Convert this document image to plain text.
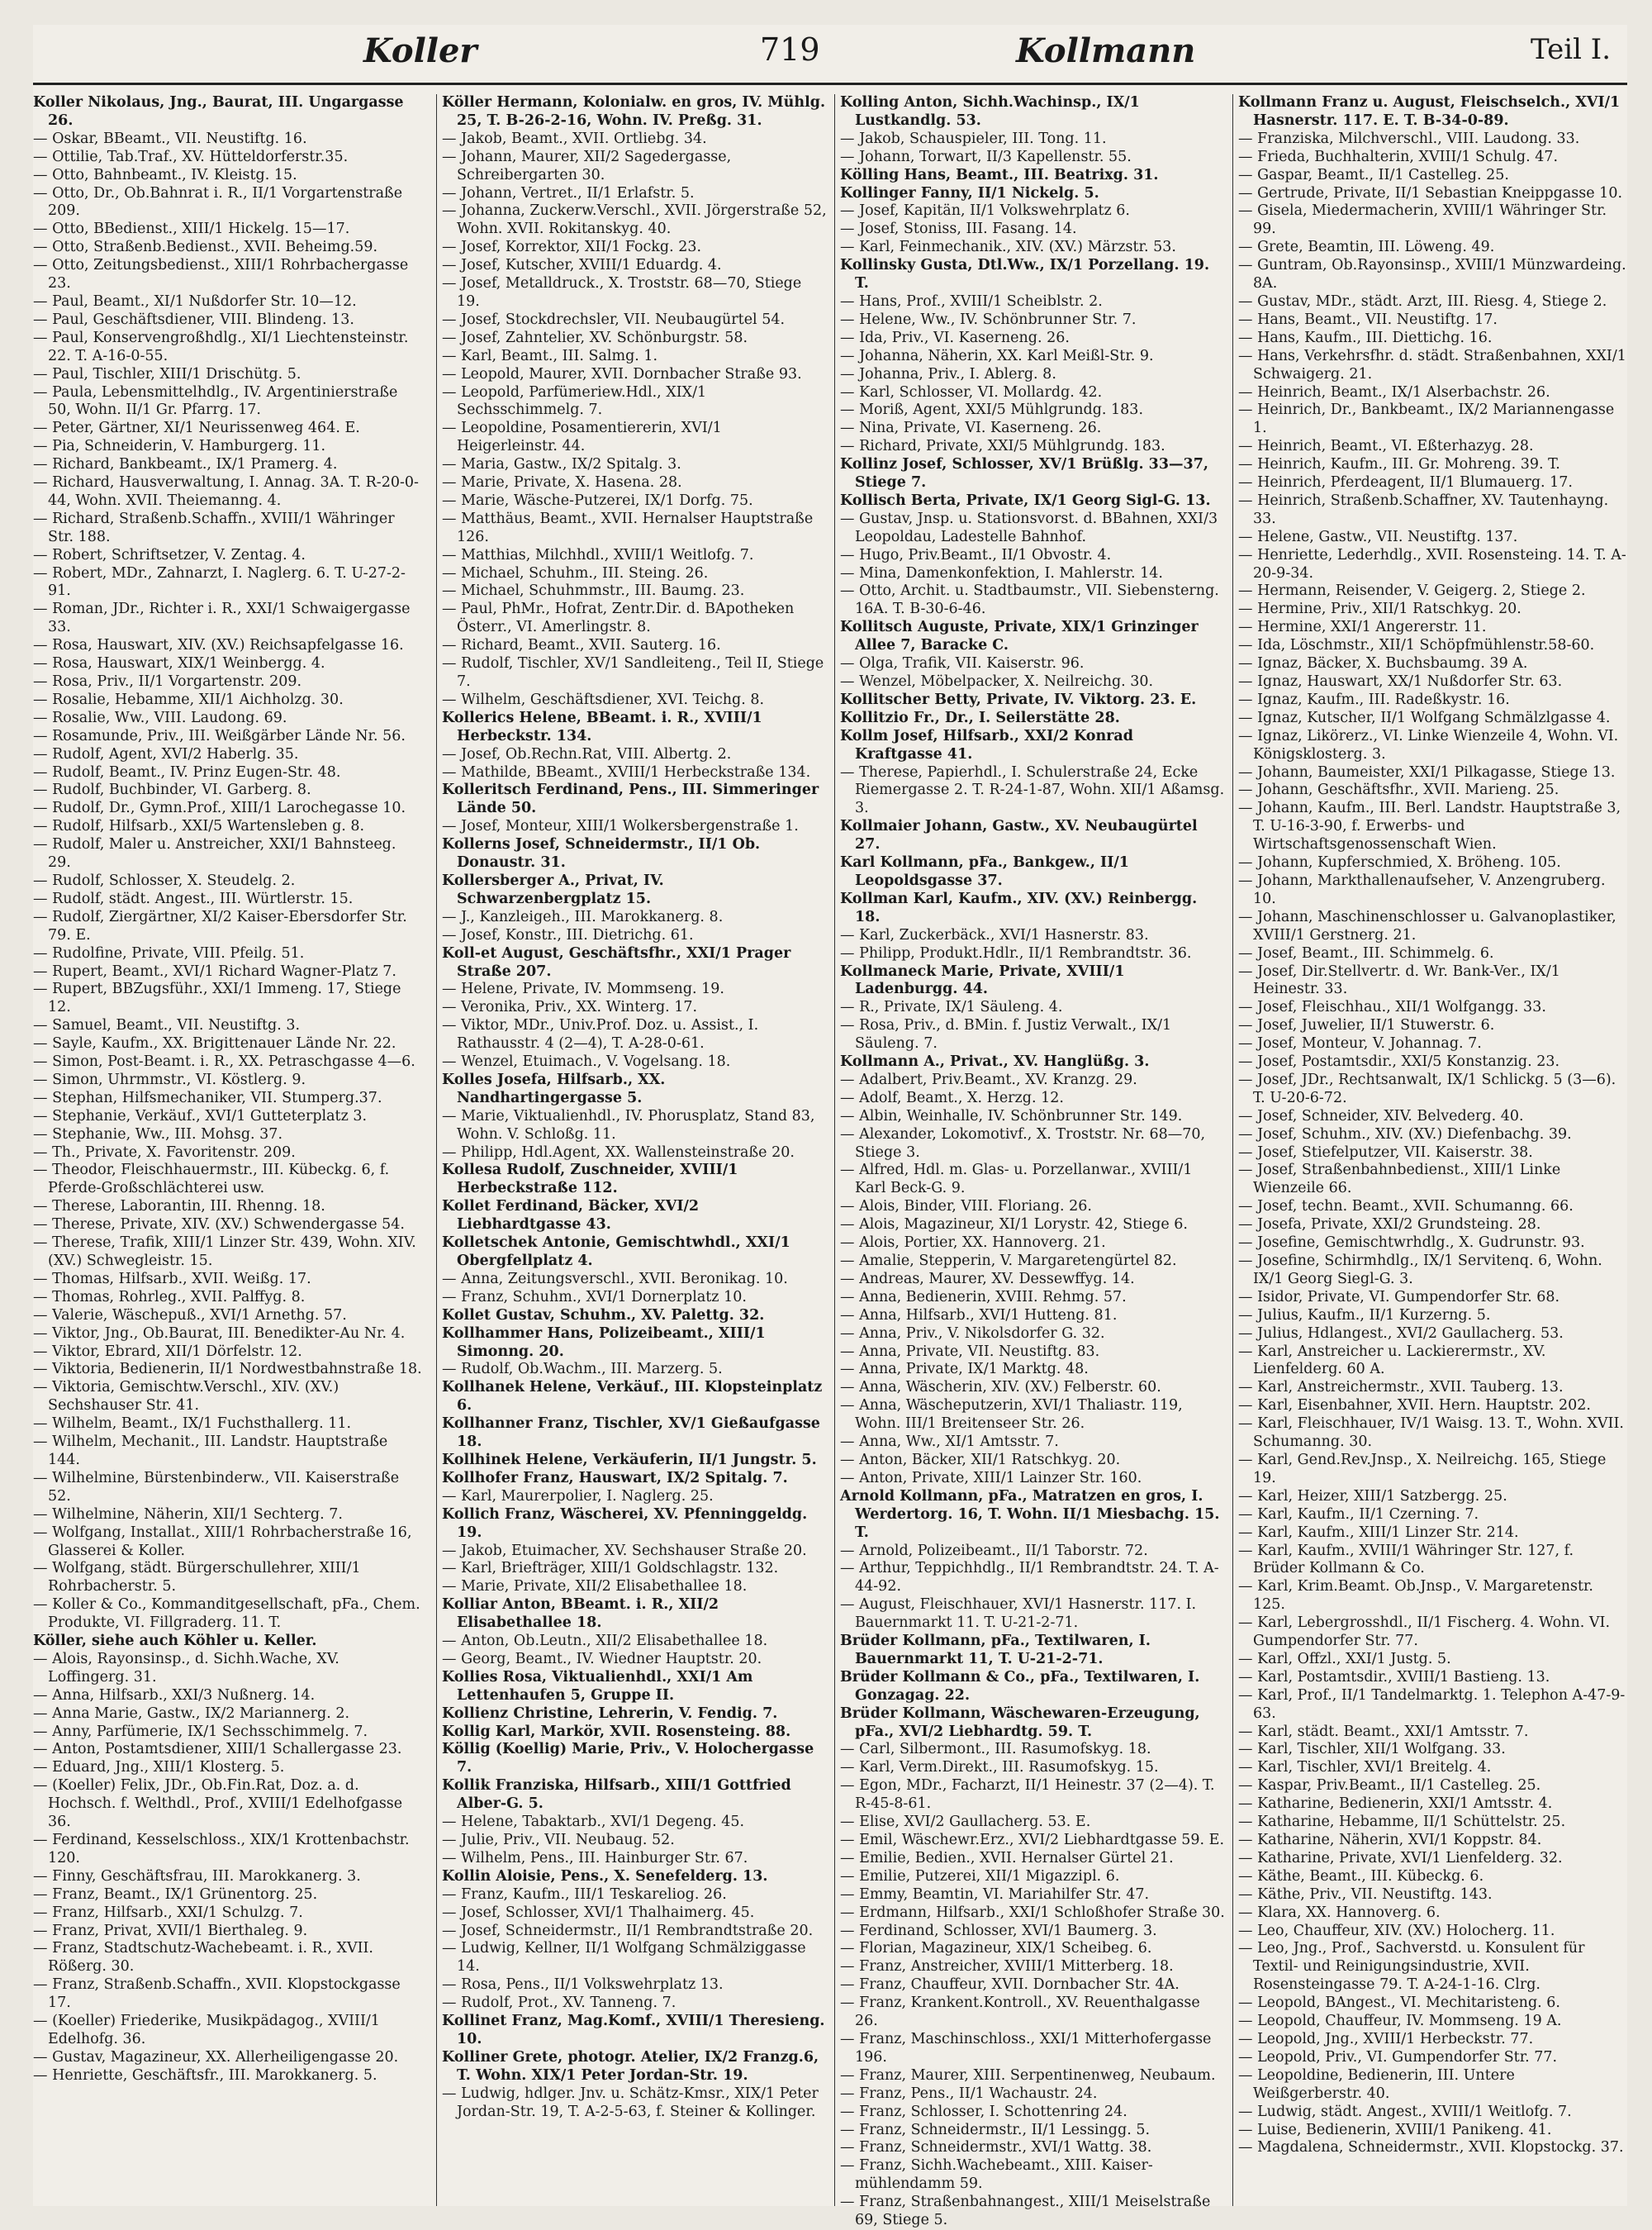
Koller	719	Kollmann	Teil I.

Koller Nikolaus, Jng., Baurat, III. Ungargasse 26.

— Oskar, BBeamt., VII. Neustiftg. 16.

— Ottilie, Tab.Traf., XV. Hütteldorferstr.35.

— Otto, Bahnbeamt., IV. Kleistg. 15.

— Otto, Dr., Ob.Bahnrat i. R., II/1 Vorgartenstraße 209.

— Otto, BBedienst., XIII/1 Hickelg. 15—17.

— Otto, Straßenb.Bedienst., XVII. Beheimg.59.

— Otto, Zeitungsbedienst., XIII/1 Rohrbachergasse 23.

— Paul, Beamt., XI/1 Nußdorfer Str. 10—12.

— Paul, Geschäftsdiener, VIII. Blindeng. 13.

— Paul, Konservengroßhdlg., XI/1 Liechtensteinstr. 22. T. A-16-0-55.

— Paul, Tischler, XIII/1 Drischütg. 5.

— Paula, Lebensmittelhdlg., IV. Argentinierstraße 50, Wohn. II/1 Gr. Pfarrg. 17.

— Peter, Gärtner, XI/1 Neurissenweg 464. E.

— Pia, Schneiderin, V. Hamburgerg. 11.

— Richard, Bankbeamt., IX/1 Pramerg. 4.

— Richard, Hausverwaltung, I. Annag. 3A. T. R-20-0-44, Wohn. XVII. Theiemanng. 4.

— Richard, Straßenb.Schaffn., XVIII/1 Währinger Str. 188.

— Robert, Schriftsetzer, V. Zentag. 4.

— Robert, MDr., Zahnarzt, I. Naglerg. 6. T. U-27-2-91.

— Roman, JDr., Richter i. R., XXI/1 Schwaigergasse 33.

— Rosa, Hauswart, XIV. (XV.) Reichsapfelgasse 16.

— Rosa, Hauswart, XIX/1 Weinbergg. 4.

— Rosa, Priv., II/1 Vorgartenstr. 209.

— Rosalie, Hebamme, XII/1 Aichholzg. 30.

— Rosalie, Ww., VIII. Laudong. 69.

— Rosamunde, Priv., III. Weißgärber Lände Nr. 56.

— Rudolf, Agent, XVI/2 Haberlg. 35.

— Rudolf, Beamt., IV. Prinz Eugen-Str. 48.

— Rudolf, Buchbinder, VI. Garberg. 8.

— Rudolf, Dr., Gymn.Prof., XIII/1 Larochegasse 10.

— Rudolf, Hilfsarb., XXI/5 Wartensleben g. 8.

— Rudolf, Maler u. Anstreicher, XXI/1 Bahnsteeg. 29.

— Rudolf, Schlosser, X. Steudelg. 2.

— Rudolf, städt. Angest., III. Würtlerstr. 15.

— Rudolf, Ziergärtner, XI/2 Kaiser-Ebersdorfer Str. 79. E.

— Rudolfine, Private, VIII. Pfeilg. 51.

— Rupert, Beamt., XVI/1 Richard Wagner-Platz 7.

— Rupert, BBZugsführ., XXI/1 Immeng. 17, Stiege 12.

— Samuel, Beamt., VII. Neustiftg. 3.

— Sayle, Kaufm., XX. Brigittenauer Lände Nr. 22.

— Simon, Post-Beamt. i. R., XX. Petraschgasse 4—6.

— Simon, Uhrmmstr., VI. Köstlerg. 9.

— Stephan, Hilfsmechaniker, VII. Stumperg.37.

— Stephanie, Verkäuf., XVI/1 Gutteterplatz 3.

— Stephanie, Ww., III. Mohsg. 37.

— Th., Private, X. Favoritenstr. 209.

— Theodor, Fleischhauermstr., III. Kübeckg. 6, f. Pferde-Großschlächterei usw.

— Therese, Laborantin, III. Rhenng. 18.

— Therese, Private, XIV. (XV.) Schwendergasse 54.

— Therese, Trafik, XIII/1 Linzer Str. 439, Wohn. XIV. (XV.) Schwegleistr. 15.

— Thomas, Hilfsarb., XVII. Weißg. 17.

— Thomas, Rohrleg., XVII. Palffyg. 8.

— Valerie, Wäschepuß., XVI/1 Arnethg. 57.

— Viktor, Jng., Ob.Baurat, III. Benedikter-Au Nr. 4.

— Viktor, Ebrard, XII/1 Dörfelstr. 12.

— Viktoria, Bedienerin, II/1 Nordwestbahnstraße 18.

— Viktoria, Gemischtw.Verschl., XIV. (XV.) Sechshauser Str. 41.

— Wilhelm, Beamt., IX/1 Fuchsthallerg. 11.

— Wilhelm, Mechanit., III. Landstr. Hauptstraße 144.

— Wilhelmine, Bürstenbinderw., VII. Kaiserstraße 52.

— Wilhelmine, Näherin, XII/1 Sechterg. 7.

— Wolfgang, Installat., XIII/1 Rohrbacherstraße 16, Glasserei & Koller.

— Wolfgang, städt. Bürgerschullehrer, XIII/1 Rohrbacherstr. 5.

— Koller & Co., Kommanditgesellschaft, pFa., Chem. Produkte, VI. Fillgraderg. 11. T.

Köller, siehe auch Köhler u. Keller.

— Alois, Rayonsinsp., d. Sichh.Wache, XV. Loffingerg. 31.

— Anna, Hilfsarb., XXI/3 Nußnerg. 14.

— Anna Marie, Gastw., IX/2 Mariannerg. 2.

— Anny, Parfümerie, IX/1 Sechsschimmelg. 7.

— Anton, Postamtsdiener, XIII/1 Schallergasse 23.

— Eduard, Jng., XIII/1 Klosterg. 5.

— (Koeller) Felix, JDr., Ob.Fin.Rat, Doz. a. d. Hochsch. f. Welthdl., Prof., XVIII/1 Edelhofgasse 36.

— Ferdinand, Kesselschloss., XIX/1 Krottenbachstr. 120.

— Finny, Geschäftsfrau, III. Marokkanerg. 3.

— Franz, Beamt., IX/1 Grünentorg. 25.

— Franz, Hilfsarb., XXI/1 Schulzg. 7.

— Franz, Privat, XVII/1 Bierthaleg. 9.

— Franz, Stadtschutz-Wachebeamt. i. R., XVII. Rößerg. 30.

— Franz, Straßenb.Schaffn., XVII. Klopstockgasse 17.

— (Koeller) Friederike, Musikpädagog., XVIII/1 Edelhofg. 36.

— Gustav, Magazineur, XX. Allerheiligengasse 20.

— Henriette, Geschäftsfr., III. Marokkanerg. 5.

Köller Hermann, Kolonialw. en gros, IV. Mühlg. 25, T. B-26-2-16, Wohn. IV. Preßg. 31.

— Jakob, Beamt., XVII. Ortliebg. 34.

— Johann, Maurer, XII/2 Sagedergasse, Schreibergarten 30.

— Johann, Vertret., II/1 Erlafstr. 5.

— Johanna, Zuckerw.Verschl., XVII. Jörgerstraße 52, Wohn. XVII. Rokitanskyg. 40.

— Josef, Korrektor, XII/1 Fockg. 23.

— Josef, Kutscher, XVIII/1 Eduardg. 4.

— Josef, Metalldruck., X. Troststr. 68—70, Stiege 19.

— Josef, Stockdrechsler, VII. Neubaugürtel 54.

— Josef, Zahntelier, XV. Schönburgstr. 58.

— Karl, Beamt., III. Salmg. 1.

— Leopold, Maurer, XVII. Dornbacher Straße 93.

— Leopold, Parfümeriew.Hdl., XIX/1 Sechsschimmelg. 7.

— Leopoldine, Posamentiererin, XVI/1 Heigerleinstr. 44.

— Maria, Gastw., IX/2 Spitalg. 3.

— Marie, Private, X. Hasena. 28.

— Marie, Wäsche-Putzerei, IX/1 Dorfg. 75.

— Matthäus, Beamt., XVII. Hernalser Hauptstraße 126.

— Matthias, Milchhdl., XVIII/1 Weitlofg. 7.

— Michael, Schuhm., III. Steing. 26.

— Michael, Schuhmmstr., III. Baumg. 23.

— Paul, PhMr., Hofrat, Zentr.Dir. d. BApotheken Österr., VI. Amerlingstr. 8.

— Richard, Beamt., XVII. Sauterg. 16.

— Rudolf, Tischler, XV/1 Sandleiteng., Teil II, Stiege 7.

— Wilhelm, Geschäftsdiener, XVI. Teichg. 8.

Kollerics Helene, BBeamt. i. R., XVIII/1 Herbeckstr. 134.

— Josef, Ob.Rechn.Rat, VIII. Albertg. 2.

— Mathilde, BBeamt., XVIII/1 Herbeckstraße 134.

Kolleritsch Ferdinand, Pens., III. Simmeringer Lände 50.

— Josef, Monteur, XIII/1 Wolkersbergenstraße 1.

Kollerns Josef, Schneidermstr., II/1 Ob. Donaustr. 31.

Kollersberger A., Privat, IV. Schwarzenbergplatz 15.

— J., Kanzleigeh., III. Marokkanerg. 8.

— Josef, Konstr., III. Dietrichg. 61.

Koll-et August, Geschäftsfhr., XXI/1 Prager Straße 207.

— Helene, Private, IV. Mommseng. 19.

— Veronika, Priv., XX. Winterg. 17.

— Viktor, MDr., Univ.Prof. Doz. u. Assist., I. Rathausstr. 4 (2—4), T. A-28-0-61.

— Wenzel, Etuimach., V. Vogelsang. 18.

Kolles Josefa, Hilfsarb., XX. Nandhartingergasse 5.

— Marie, Viktualienhdl., IV. Phorusplatz, Stand 83, Wohn. V. Schloßg. 11.

— Philipp, Hdl.Agent, XX. Wallensteinstraße 20.

Kollesa Rudolf, Zuschneider, XVIII/1 Herbeckstraße 112.

Kollet Ferdinand, Bäcker, XVI/2 Liebhardtgasse 43.

Kolletschek Antonie, Gemischtwhdl., XXI/1 Obergfellplatz 4.

— Anna, Zeitungsverschl., XVII. Beronikag. 10.

— Franz, Schuhm., XVI/1 Dornerplatz 10.

Kollet Gustav, Schuhm., XV. Palettg. 32.

Kollhammer Hans, Polizeibeamt., XIII/1 Simonng. 20.

— Rudolf, Ob.Wachm., III. Marzerg. 5.

Kollhanek Helene, Verkäuf., III. Klopsteinplatz 6.

Kollhanner Franz, Tischler, XV/1 Gießaufgasse 18.

Kollhinek Helene, Verkäuferin, II/1 Jungstr. 5.

Kollhofer Franz, Hauswart, IX/2 Spitalg. 7.

— Karl, Maurerpolier, I. Naglerg. 25.

Kollich Franz, Wäscherei, XV. Pfenninggeldg. 19.

— Jakob, Etuimacher, XV. Sechshauser Straße 20.

— Karl, Briefträger, XIII/1 Goldschlagstr. 132.

— Marie, Private, XII/2 Elisabethallee 18.

Kolliar Anton, BBeamt. i. R., XII/2 Elisabethallee 18.

— Anton, Ob.Leutn., XII/2 Elisabethallee 18.

— Georg, Beamt., IV. Wiedner Hauptstr. 20.

Kollies Rosa, Viktualienhdl., XXI/1 Am Lettenhaufen 5, Gruppe II.

Kollienz Christine, Lehrerin, V. Fendig. 7.

Kollig Karl, Markör, XVII. Rosensteing. 88.

Köllig (Koellig) Marie, Priv., V. Holochergasse 7.

Kollik Franziska, Hilfsarb., XIII/1 Gottfried Alber-G. 5.

— Helene, Tabaktarb., XVI/1 Degeng. 45.

— Julie, Priv., VII. Neubaug. 52.

— Wilhelm, Pens., III. Hainburger Str. 67.

Kollin Aloisie, Pens., X. Senefelderg. 13.

— Franz, Kaufm., III/1 Teskareliog. 26.

— Josef, Schlosser, XVI/1 Thalhaimerg. 45.

— Josef, Schneidermstr., II/1 Rembrandtstraße 20.

— Ludwig, Kellner, II/1 Wolfgang Schmälziggasse 14.

— Rosa, Pens., II/1 Volkswehrplatz 13.

— Rudolf, Prot., XV. Tanneng. 7.

Kollinet Franz, Mag.Komf., XVIII/1 Theresieng. 10.

Kolliner Grete, photogr. Atelier, IX/2 Franzg.6, T. Wohn. XIX/1 Peter Jordan-Str. 19.

— Ludwig, hdlger. Jnv. u. Schätz-Kmsr., XIX/1 Peter Jordan-Str. 19, T. A-2-5-63, f. Steiner & Kollinger.

Kolling Anton, Sichh.Wachinsp., IX/1 Lustkandlg. 53.

— Jakob, Schauspieler, III. Tong. 11.

— Johann, Torwart, II/3 Kapellenstr. 55.

Kölling Hans, Beamt., III. Beatrixg. 31.

Kollinger Fanny, II/1 Nickelg. 5.

— Josef, Kapitän, II/1 Volkswehrplatz 6.

— Josef, Stoniss, III. Fasang. 14.

— Karl, Feinmechanik., XIV. (XV.) Märzstr. 53.

Kollinsky Gusta, Dtl.Ww., IX/1 Porzellang. 19. T.

— Hans, Prof., XVIII/1 Scheiblstr. 2.

— Helene, Ww., IV. Schönbrunner Str. 7.

— Ida, Priv., VI. Kaserneng. 26.

— Johanna, Näherin, XX. Karl Meißl-Str. 9.

— Johanna, Priv., I. Ablerg. 8.

— Karl, Schlosser, VI. Mollardg. 42.

— Moriß, Agent, XXI/5 Mühlgrundg. 183.

— Nina, Private, VI. Kaserneng. 26.

— Richard, Private, XXI/5 Mühlgrundg. 183.

Kollinz Josef, Schlosser, XV/1 Brüßlg. 33—37, Stiege 7.

Kollisch Berta, Private, IX/1 Georg Sigl-G. 13.

— Gustav, Jnsp. u. Stationsvorst. d. BBahnen, XXI/3 Leopoldau, Ladestelle Bahnhof.

— Hugo, Priv.Beamt., II/1 Obvostr. 4.

— Mina, Damenkonfektion, I. Mahlerstr. 14.

— Otto, Archit. u. Stadtbaumstr., VII. Siebensterng. 16A. T. B-30-6-46.

Kollitsch Auguste, Private, XIX/1 Grinzinger Allee 7, Baracke C.

— Olga, Trafik, VII. Kaiserstr. 96.

— Wenzel, Möbelpacker, X. Neilreichg. 30.

Kollitscher Betty, Private, IV. Viktorg. 23. E.

Kollitzio Fr., Dr., I. Seilerstätte 28.

Kollm Josef, Hilfsarb., XXI/2 Konrad Kraftgasse 41.

— Therese, Papierhdl., I. Schulerstraße 24, Ecke Riemergasse 2. T. R-24-1-87, Wohn. XII/1 Aßamsg. 3.

Kollmaier Johann, Gastw., XV. Neubaugürtel 27.

Karl Kollmann, pFa., Bankgew., II/1 Leopoldsgasse 37.

Kollman Karl, Kaufm., XIV. (XV.) Reinbergg. 18.

— Karl, Zuckerbäck., XVI/1 Hasnerstr. 83.

— Philipp, Produkt.Hdlr., II/1 Rembrandtstr. 36.

Kollmaneck Marie, Private, XVIII/1 Ladenburgg. 44.

— R., Private, IX/1 Säuleng. 4.

— Rosa, Priv., d. BMin. f. Justiz Verwalt., IX/1 Säuleng. 7.

Kollmann A., Privat., XV. Hanglüßg. 3.

— Adalbert, Priv.Beamt., XV. Kranzg. 29.

— Adolf, Beamt., X. Herzg. 12.

— Albin, Weinhalle, IV. Schönbrunner Str. 149.

— Alexander, Lokomotivf., X. Troststr. Nr. 68—70, Stiege 3.

— Alfred, Hdl. m. Glas- u. Porzellanwar., XVIII/1 Karl Beck-G. 9.

— Alois, Binder, VIII. Floriang. 26.

— Alois, Magazineur, XI/1 Lorystr. 42, Stiege 6.

— Alois, Portier, XX. Hannoverg. 21.

— Amalie, Stepperin, V. Margaretengürtel 82.

— Andreas, Maurer, XV. Dessewffyg. 14.

— Anna, Bedienerin, XVIII. Rehmg. 57.

— Anna, Hilfsarb., XVI/1 Hutteng. 81.

— Anna, Priv., V. Nikolsdorfer G. 32.

— Anna, Private, VII. Neustiftg. 83.

— Anna, Private, IX/1 Marktg. 48.

— Anna, Wäscherin, XIV. (XV.) Felberstr. 60.

— Anna, Wäscheputzerin, XVI/1 Thaliastr. 119, Wohn. III/1 Breitenseer Str. 26.

— Anna, Ww., XI/1 Amtsstr. 7.

— Anton, Bäcker, XII/1 Ratschkyg. 20.

— Anton, Private, XIII/1 Lainzer Str. 160.

Arnold Kollmann, pFa., Matratzen en gros, I. Werdertorg. 16, T. Wohn. II/1 Miesbachg. 15. T.

— Arnold, Polizeibeamt., II/1 Taborstr. 72.

— Arthur, Teppichhdlg., II/1 Rembrandtstr. 24. T. A-44-92.

— August, Fleischhauer, XVI/1 Hasnerstr. 117. I. Bauernmarkt 11. T. U-21-2-71.

Brüder Kollmann, pFa., Textilwaren, I. Bauernmarkt 11, T. U-21-2-71.

Brüder Kollmann & Co., pFa., Textilwaren, I. Gonzagag. 22.

Brüder Kollmann, Wäschewaren-Erzeugung, pFa., XVI/2 Liebhardtg. 59. T.

— Carl, Silbermont., III. Rasumofskyg. 18.

— Karl, Verm.Direkt., III. Rasumofskyg. 15.

— Egon, MDr., Facharzt, II/1 Heinestr. 37 (2—4). T. R-45-8-61.

— Elise, XVI/2 Gaullacherg. 53. E.

— Emil, Wäschewr.Erz., XVI/2 Liebhardtgasse 59. E.

— Emilie, Bedien., XVII. Hernalser Gürtel 21.

— Emilie, Putzerei, XII/1 Migazzipl. 6.

— Emmy, Beamtin, VI. Mariahilfer Str. 47.

— Erdmann, Hilfsarb., XXI/1 Schloßhofer Straße 30.

— Ferdinand, Schlosser, XVI/1 Baumerg. 3.

— Florian, Magazineur, XIX/1 Scheibeg. 6.

— Franz, Anstreicher, XVIII/1 Mitterberg. 18.

— Franz, Chauffeur, XVII. Dornbacher Str. 4A.

— Franz, Krankent.Kontroll., XV. Reuenthalgasse 26.

— Franz, Maschinschloss., XXI/1 Mitterhofergasse 196.

— Franz, Maurer, XIII. Serpentinenweg, Neubaum.

— Franz, Pens., II/1 Wachaustr. 24.

— Franz, Schlosser, I. Schottenring 24.

— Franz, Schneidermstr., II/1 Lessingg. 5.

— Franz, Schneidermstr., XVI/1 Wattg. 38.

— Franz, Sichh.Wachebeamt., XIII. Kaiser-mühlendamm 59.

— Franz, Straßenbahnangest., XIII/1 Meiselstraße 69, Stiege 5.

Kollmann Franz u. August, Fleischselch., XVI/1 Hasnerstr. 117. E. T. B-34-0-89.

— Franziska, Milchverschl., VIII. Laudong. 33.

— Frieda, Buchhalterin, XVIII/1 Schulg. 47.

— Gaspar, Beamt., II/1 Castelleg. 25.

— Gertrude, Private, II/1 Sebastian Kneippgasse 10.

— Gisela, Miedermacherin, XVIII/1 Währinger Str. 99.

— Grete, Beamtin, III. Löweng. 49.

— Guntram, Ob.Rayonsinsp., XVIII/1 Münzwardeing. 8A.

— Gustav, MDr., städt. Arzt, III. Riesg. 4, Stiege 2.

— Hans, Beamt., VII. Neustiftg. 17.

— Hans, Kaufm., III. Diettichg. 16.

— Hans, Verkehrsfhr. d. städt. Straßenbahnen, XXI/1 Schwaigerg. 21.

— Heinrich, Beamt., IX/1 Alserbachstr. 26.

— Heinrich, Dr., Bankbeamt., IX/2 Mariannengasse 1.

— Heinrich, Beamt., VI. Eßterhazyg. 28.

— Heinrich, Kaufm., III. Gr. Mohreng. 39. T.

— Heinrich, Pferdeagent, II/1 Blumauerg. 17.

— Heinrich, Straßenb.Schaffner, XV. Tautenhayng. 33.

— Helene, Gastw., VII. Neustiftg. 137.

— Henriette, Lederhdlg., XVII. Rosensteing. 14. T. A-20-9-34.

— Hermann, Reisender, V. Geigerg. 2, Stiege 2.

— Hermine, Priv., XII/1 Ratschkyg. 20.

— Hermine, XXI/1 Angererstr. 11.

— Ida, Löschmstr., XII/1 Schöpfmühlenstr.58-60.

— Ignaz, Bäcker, X. Buchsbaumg. 39 A.

— Ignaz, Hauswart, XX/1 Nußdorfer Str. 63.

— Ignaz, Kaufm., III. Radeßkystr. 16.

— Ignaz, Kutscher, II/1 Wolfgang Schmälzlgasse 4.

— Ignaz, Likörerz., VI. Linke Wienzeile 4, Wohn. VI. Königsklosterg. 3.

— Johann, Baumeister, XXI/1 Pilkagasse, Stiege 13.

— Johann, Geschäftsfhr., XVII. Marieng. 25.

— Johann, Kaufm., III. Berl. Landstr. Hauptstraße 3, T. U-16-3-90, f. Erwerbs- und Wirtschaftsgenossenschaft Wien.

— Johann, Kupferschmied, X. Bröheng. 105.

— Johann, Markthallenaufseher, V. Anzengruberg. 10.

— Johann, Maschinenschlosser u. Galvanoplastiker, XVIII/1 Gerstnerg. 21.

— Josef, Beamt., III. Schimmelg. 6.

— Josef, Dir.Stellvertr. d. Wr. Bank-Ver., IX/1 Heinestr. 33.

— Josef, Fleischhau., XII/1 Wolfgangg. 33.

— Josef, Juwelier, II/1 Stuwerstr. 6.

— Josef, Monteur, V. Johannag. 7.

— Josef, Postamtsdir., XXI/5 Konstanzig. 23.

— Josef, JDr., Rechtsanwalt, IX/1 Schlickg. 5 (3—6). T. U-20-6-72.

— Josef, Schneider, XIV. Belvederg. 40.

— Josef, Schuhm., XIV. (XV.) Diefenbachg. 39.

— Josef, Stiefelputzer, VII. Kaiserstr. 38.

— Josef, Straßenbahnbedienst., XIII/1 Linke Wienzeile 66.

— Josef, techn. Beamt., XVII. Schumanng. 66.

— Josefa, Private, XXI/2 Grundsteing. 28.

— Josefine, Gemischtwrhdlg., X. Gudrunstr. 93.

— Josefine, Schirmhdlg., IX/1 Servitenq. 6, Wohn. IX/1 Georg Siegl-G. 3.

— Isidor, Private, VI. Gumpendorfer Str. 68.

— Julius, Kaufm., II/1 Kurzerng. 5.

— Julius, Hdlangest., XVI/2 Gaullacherg. 53.

— Karl, Anstreicher u. Lackierermstr., XV. Lienfelderg. 60 A.

— Karl, Anstreichermstr., XVII. Tauberg. 13.

— Karl, Eisenbahner, XVII. Hern. Hauptstr. 202.

— Karl, Fleischhauer, IV/1 Waisg. 13. T., Wohn. XVII. Schumanng. 30.

— Karl, Gend.Rev.Jnsp., X. Neilreichg. 165, Stiege 19.

— Karl, Heizer, XIII/1 Satzbergg. 25.

— Karl, Kaufm., II/1 Czerning. 7.

— Karl, Kaufm., XIII/1 Linzer Str. 214.

— Karl, Kaufm., XVIII/1 Währinger Str. 127, f. Brüder Kollmann & Co.

— Karl, Krim.Beamt. Ob.Jnsp., V. Margaretenstr. 125.

— Karl, Lebergrosshdl., II/1 Fischerg. 4. Wohn. VI. Gumpendorfer Str. 77.

— Karl, Offzl., XXI/1 Justg. 5.

— Karl, Postamtsdir., XVIII/1 Bastieng. 13.

— Karl, Prof., II/1 Tandelmarktg. 1. Telephon A-47-9-63.

— Karl, städt. Beamt., XXI/1 Amtsstr. 7.

— Karl, Tischler, XII/1 Wolfgang. 33.

— Karl, Tischler, XVI/1 Breitelg. 4.

— Kaspar, Priv.Beamt., II/1 Castelleg. 25.

— Katharine, Bedienerin, XXI/1 Amtsstr. 4.

— Katharine, Hebamme, II/1 Schüttelstr. 25.

— Katharine, Näherin, XVI/1 Koppstr. 84.

— Katharine, Private, XVI/1 Lienfelderg. 32.

— Käthe, Beamt., III. Kübeckg. 6.

— Käthe, Priv., VII. Neustiftg. 143.

— Klara, XX. Hannoverg. 6.

— Leo, Chauffeur, XIV. (XV.) Holocherg. 11.

— Leo, Jng., Prof., Sachverstd. u. Konsulent für Textil- und Reinigungsindustrie, XVII. Rosensteingasse 79. T. A-24-1-16. Clrg.

— Leopold, BAngest., VI. Mechitaristeng. 6.

— Leopold, Chauffeur, IV. Mommseng. 19 A.

— Leopold, Jng., XVIII/1 Herbeckstr. 77.

— Leopold, Priv., VI. Gumpendorfer Str. 77.

— Leopoldine, Bedienerin, III. Untere Weißgerberstr. 40.

— Ludwig, städt. Angest., XVIII/1 Weitlofg. 7.

— Luise, Bedienerin, XVIII/1 Panikeng. 41.

— Magdalena, Schneidermstr., XVII. Klopstockg. 37.
